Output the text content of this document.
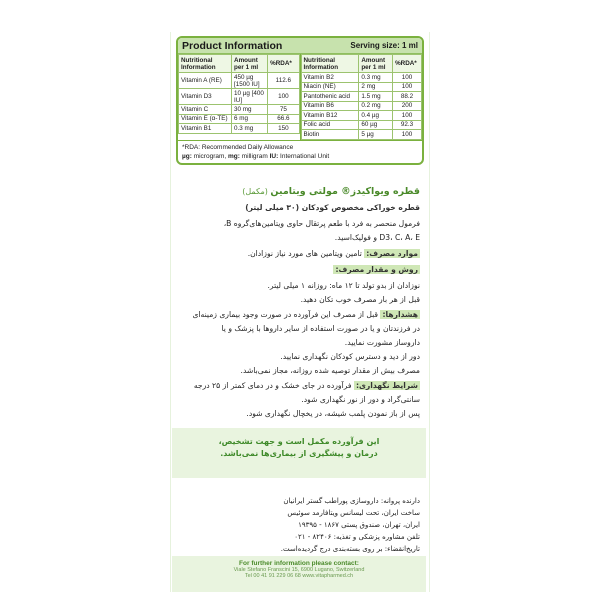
Product Information	Serving size: 1 ml
Nutritional Information	Amount per 1 ml	%RDA*
Vitamin A (RE)	450 µg [1500 IU]	112.6
Vitamin D3	10 µg [400 IU]	100
Vitamin C	30 mg	75
Vitamin E (α-TE)	6 mg	66.6
Vitamin B1	0.3 mg	150
Nutritional Information	Amount per 1 ml	%RDA*
Vitamin B2	0.3 mg	100
Niacin (NE)	2 mg	100
Pantothenic acid	1.5 mg	88.2
Vitamin B6	0.2 mg	200
Vitamin B12	0.4 µg	100
Folic acid	60 µg	92.3
Biotin	5 µg	100
*RDA: Recommended Daily Allowance
µg: microgram, mg: milligram IU: International Unit
قطره ویواکیدز® مولتی ویتامین (مکمل)
قطره خوراکی مخصوص کودکان (۳۰ میلی لیتر)
فرمول منحصر به فرد با طعم پرتقال حاوی ویتامین‌های‌گروه B،
D3، C، A، E و فولیک‌اسید.
موارد مصرف: تامین ویتامین های مورد نیاز نوزادان.
روش و مقدار مصرف:
نوزادان از بدو تولد تا ۱۲ ماه: روزانه ۱ میلی لیتر.
قبل از هر بار مصرف خوب تکان دهید.
هشدارها: قبل از مصرف این فرآورده در صورت وجود بیماری زمینه‌ای
در فرزندتان و یا در صورت استفاده از سایر داروها با پزشک و یا
داروساز مشورت نمایید.
دور از دید و دسترس کودکان نگهداری نمایید.
مصرف بیش از مقدار توصیه شده روزانه، مجاز نمی‌باشد.
شرایط نگهداری: فرآورده در جای خشک و در دمای کمتر از ۲۵ درجه
سانتی‌گراد و دور از نور نگهداری شود.
پس از باز نمودن پلمب شیشه، در یخچال نگهداری شود.
این فرآورده مکمل است و جهت تشخیص،
درمان و پیشگیری از بیماری‌ها نمی‌باشد.
دارنده پروانه: داروسازی پوراطب گستر ایرانیان
ساخت ایران، تحت لیسانس ویتافارمد سوئیس
ایران، تهران، صندوق پستی ۱۸۶۷ - ۱۹۳۹۵
تلفن مشاوره پزشکی و تغذیه: ۸۲۴۰۶ - ۰۲۱
تاریخ‌انقضاء: بر روی بسته‌بندی درج گردیده‌است.
For further information please contact:
Viale Stefano Franscini 15, 6900 Lugano, Switzerland
Tel 00 41 91 229 06 68 www.vitapharmed.ch
